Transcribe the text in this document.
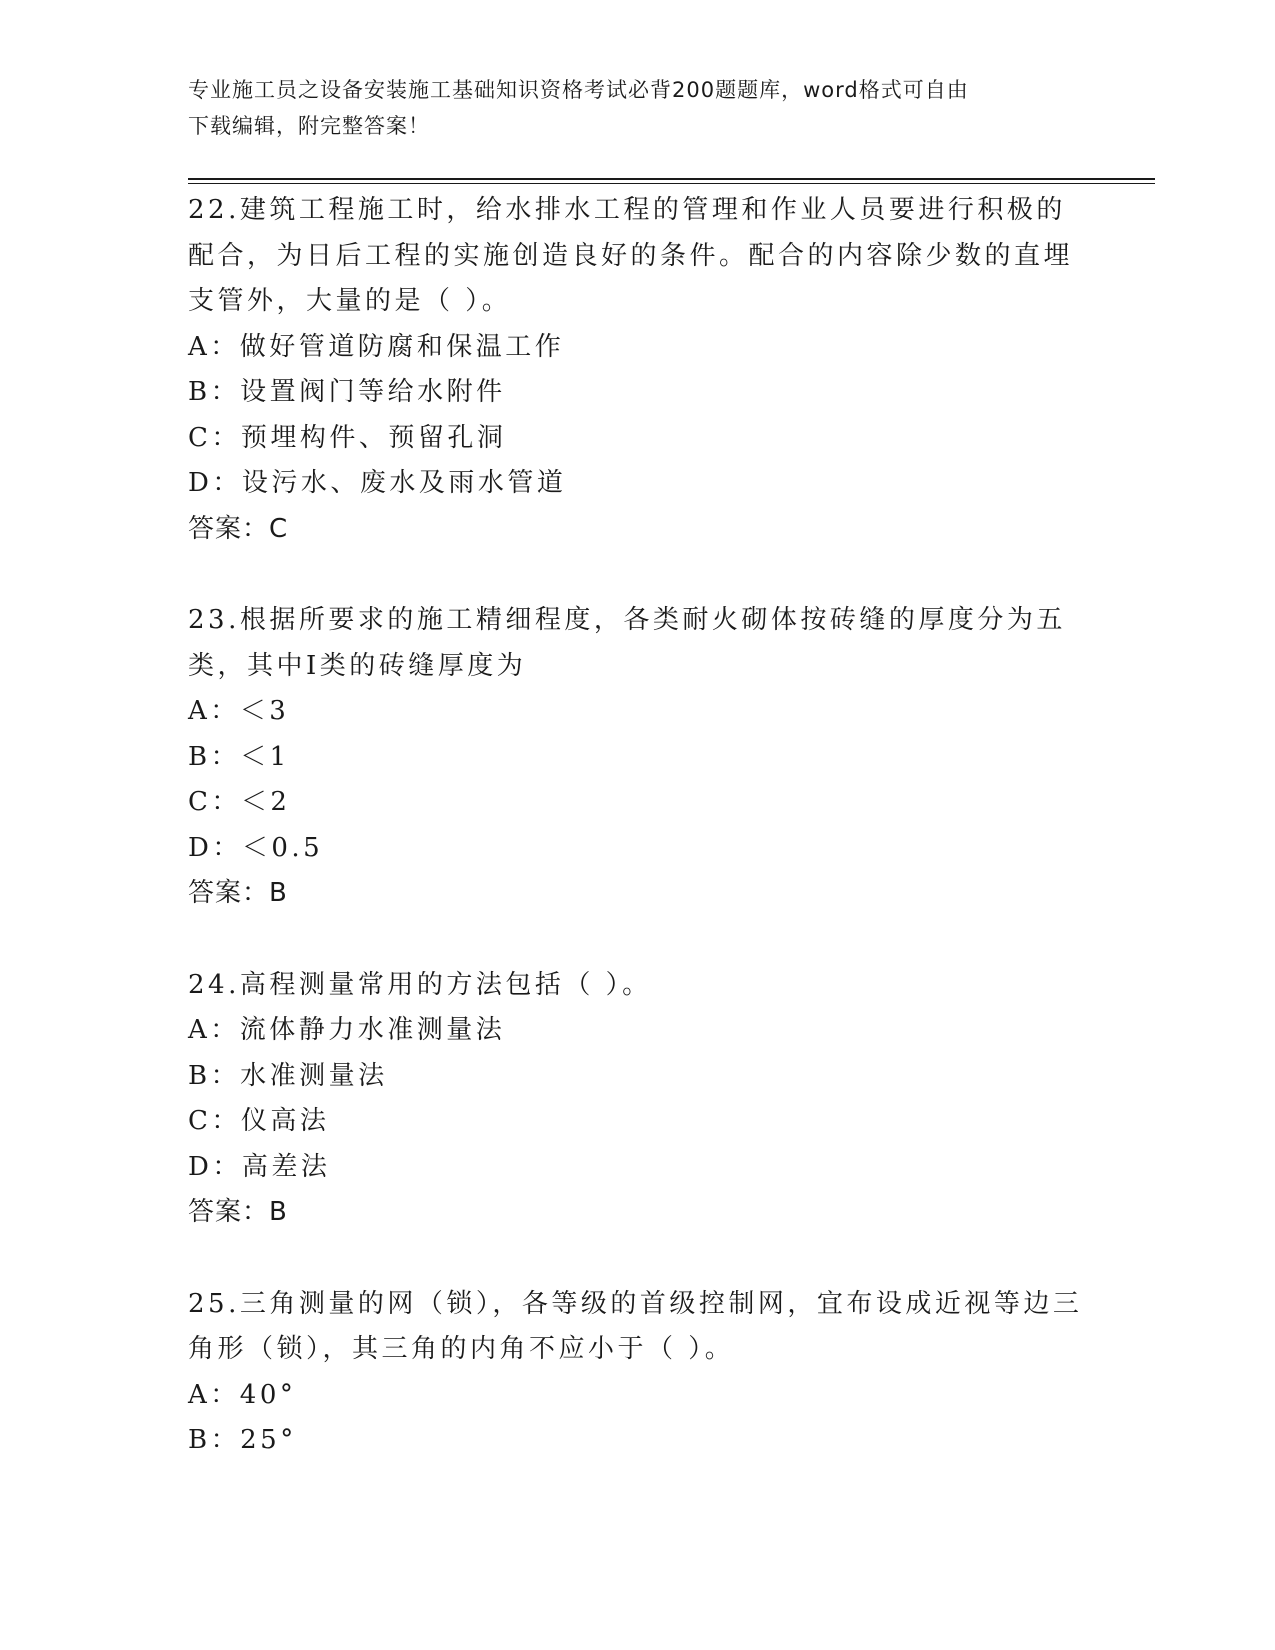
专业施工员之设备安装施工基础知识资格考试必背200题题库，word格式可自由
下载编辑，附完整答案！

22.建筑工程施工时，给水排水工程的管理和作业人员要进行积极的配合，为日后工程的实施创造良好的条件。配合的内容除少数的直埋支管外，大量的是（ ）。

A：做好管道防腐和保温工作

B：设置阀门等给水附件

C：预埋构件、预留孔洞

D：设污水、废水及雨水管道

答案：C

23.根据所要求的施工精细程度，各类耐火砌体按砖缝的厚度分为五类，其中Ⅰ类的砖缝厚度为

A：＜3

B：＜1

C：＜2

D：＜0.5

答案：B

24.高程测量常用的方法包括（ ）。

A：流体静力水准测量法

B：水准测量法

C：仪高法

D：高差法

答案：B

25.三角测量的网（锁），各等级的首级控制网，宜布设成近视等边三角形（锁），其三角的内角不应小于（ ）。

A：40°

B：25°
